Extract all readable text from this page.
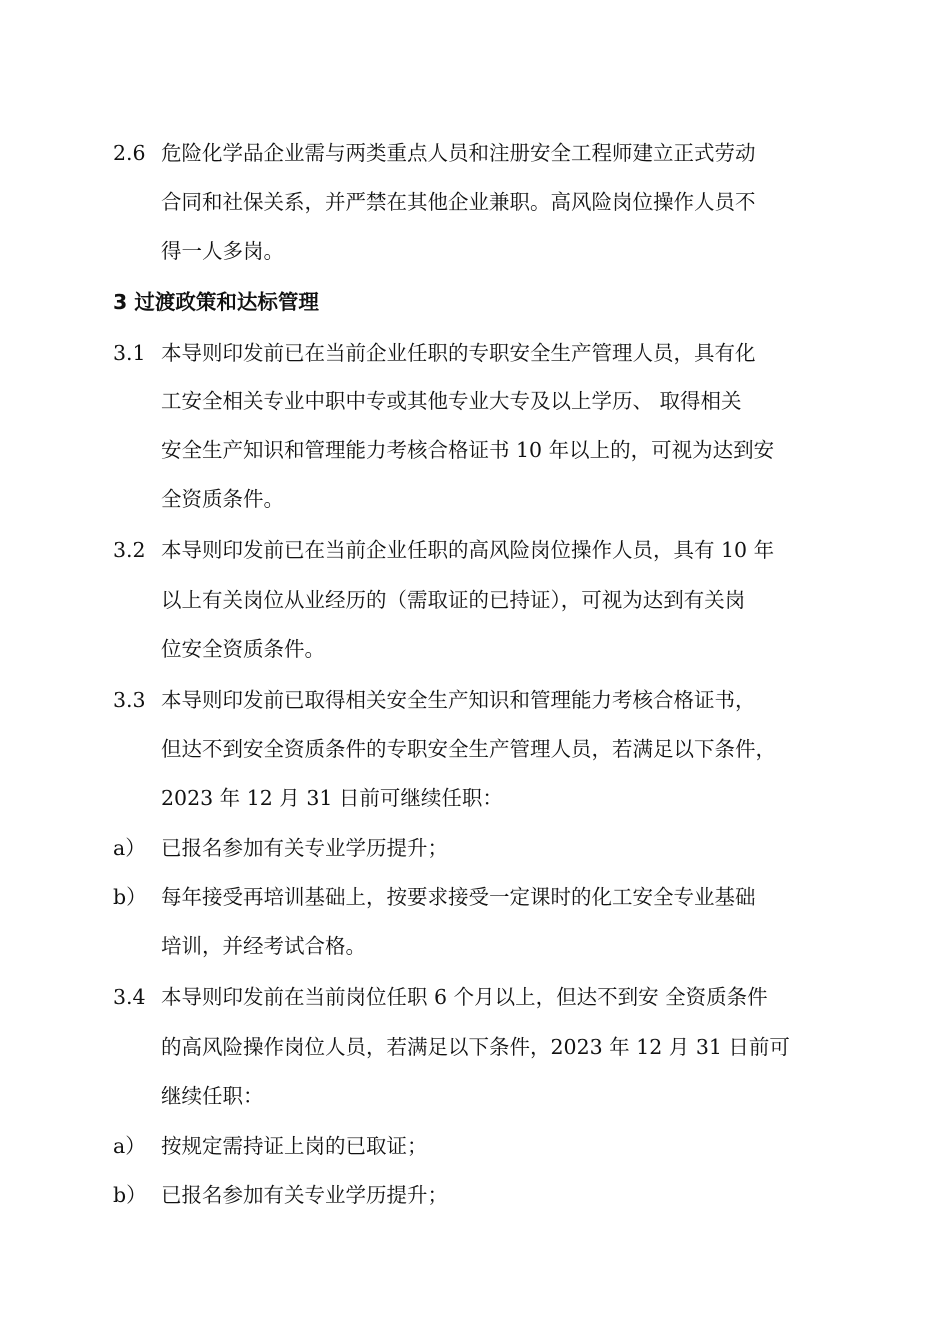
2.6 危险化学品企业需与两类重点人员和注册安全工程师建立正式劳动
合同和社保关系，并严禁在其他企业兼职。高风险岗位操作人员不
得一人多岗。
3 过渡政策和达标管理
3.1 本导则印发前已在当前企业任职的专职安全生产管理人员，具有化
工安全相关专业中职中专或其他专业大专及以上学历、 取得相关
安全生产知识和管理能力考核合格证书 10 年以上的，可视为达到安
全资质条件。
3.2 本导则印发前已在当前企业任职的高风险岗位操作人员，具有 10 年
以上有关岗位从业经历的（需取证的已持证），可视为达到有关岗
位安全资质条件。
3.3 本导则印发前已取得相关安全生产知识和管理能力考核合格证书，
但达不到安全资质条件的专职安全生产管理人员，若满足以下条件，
2023 年 12 月 31 日前可继续任职：
a） 已报名参加有关专业学历提升；
b） 每年接受再培训基础上，按要求接受一定课时的化工安全专业基础
培训，并经考试合格。
3.4 本导则印发前在当前岗位任职 6 个月以上，但达不到安 全资质条件
的高风险操作岗位人员，若满足以下条件，2023 年 12 月 31 日前可
继续任职：
a） 按规定需持证上岗的已取证；
b） 已报名参加有关专业学历提升；
